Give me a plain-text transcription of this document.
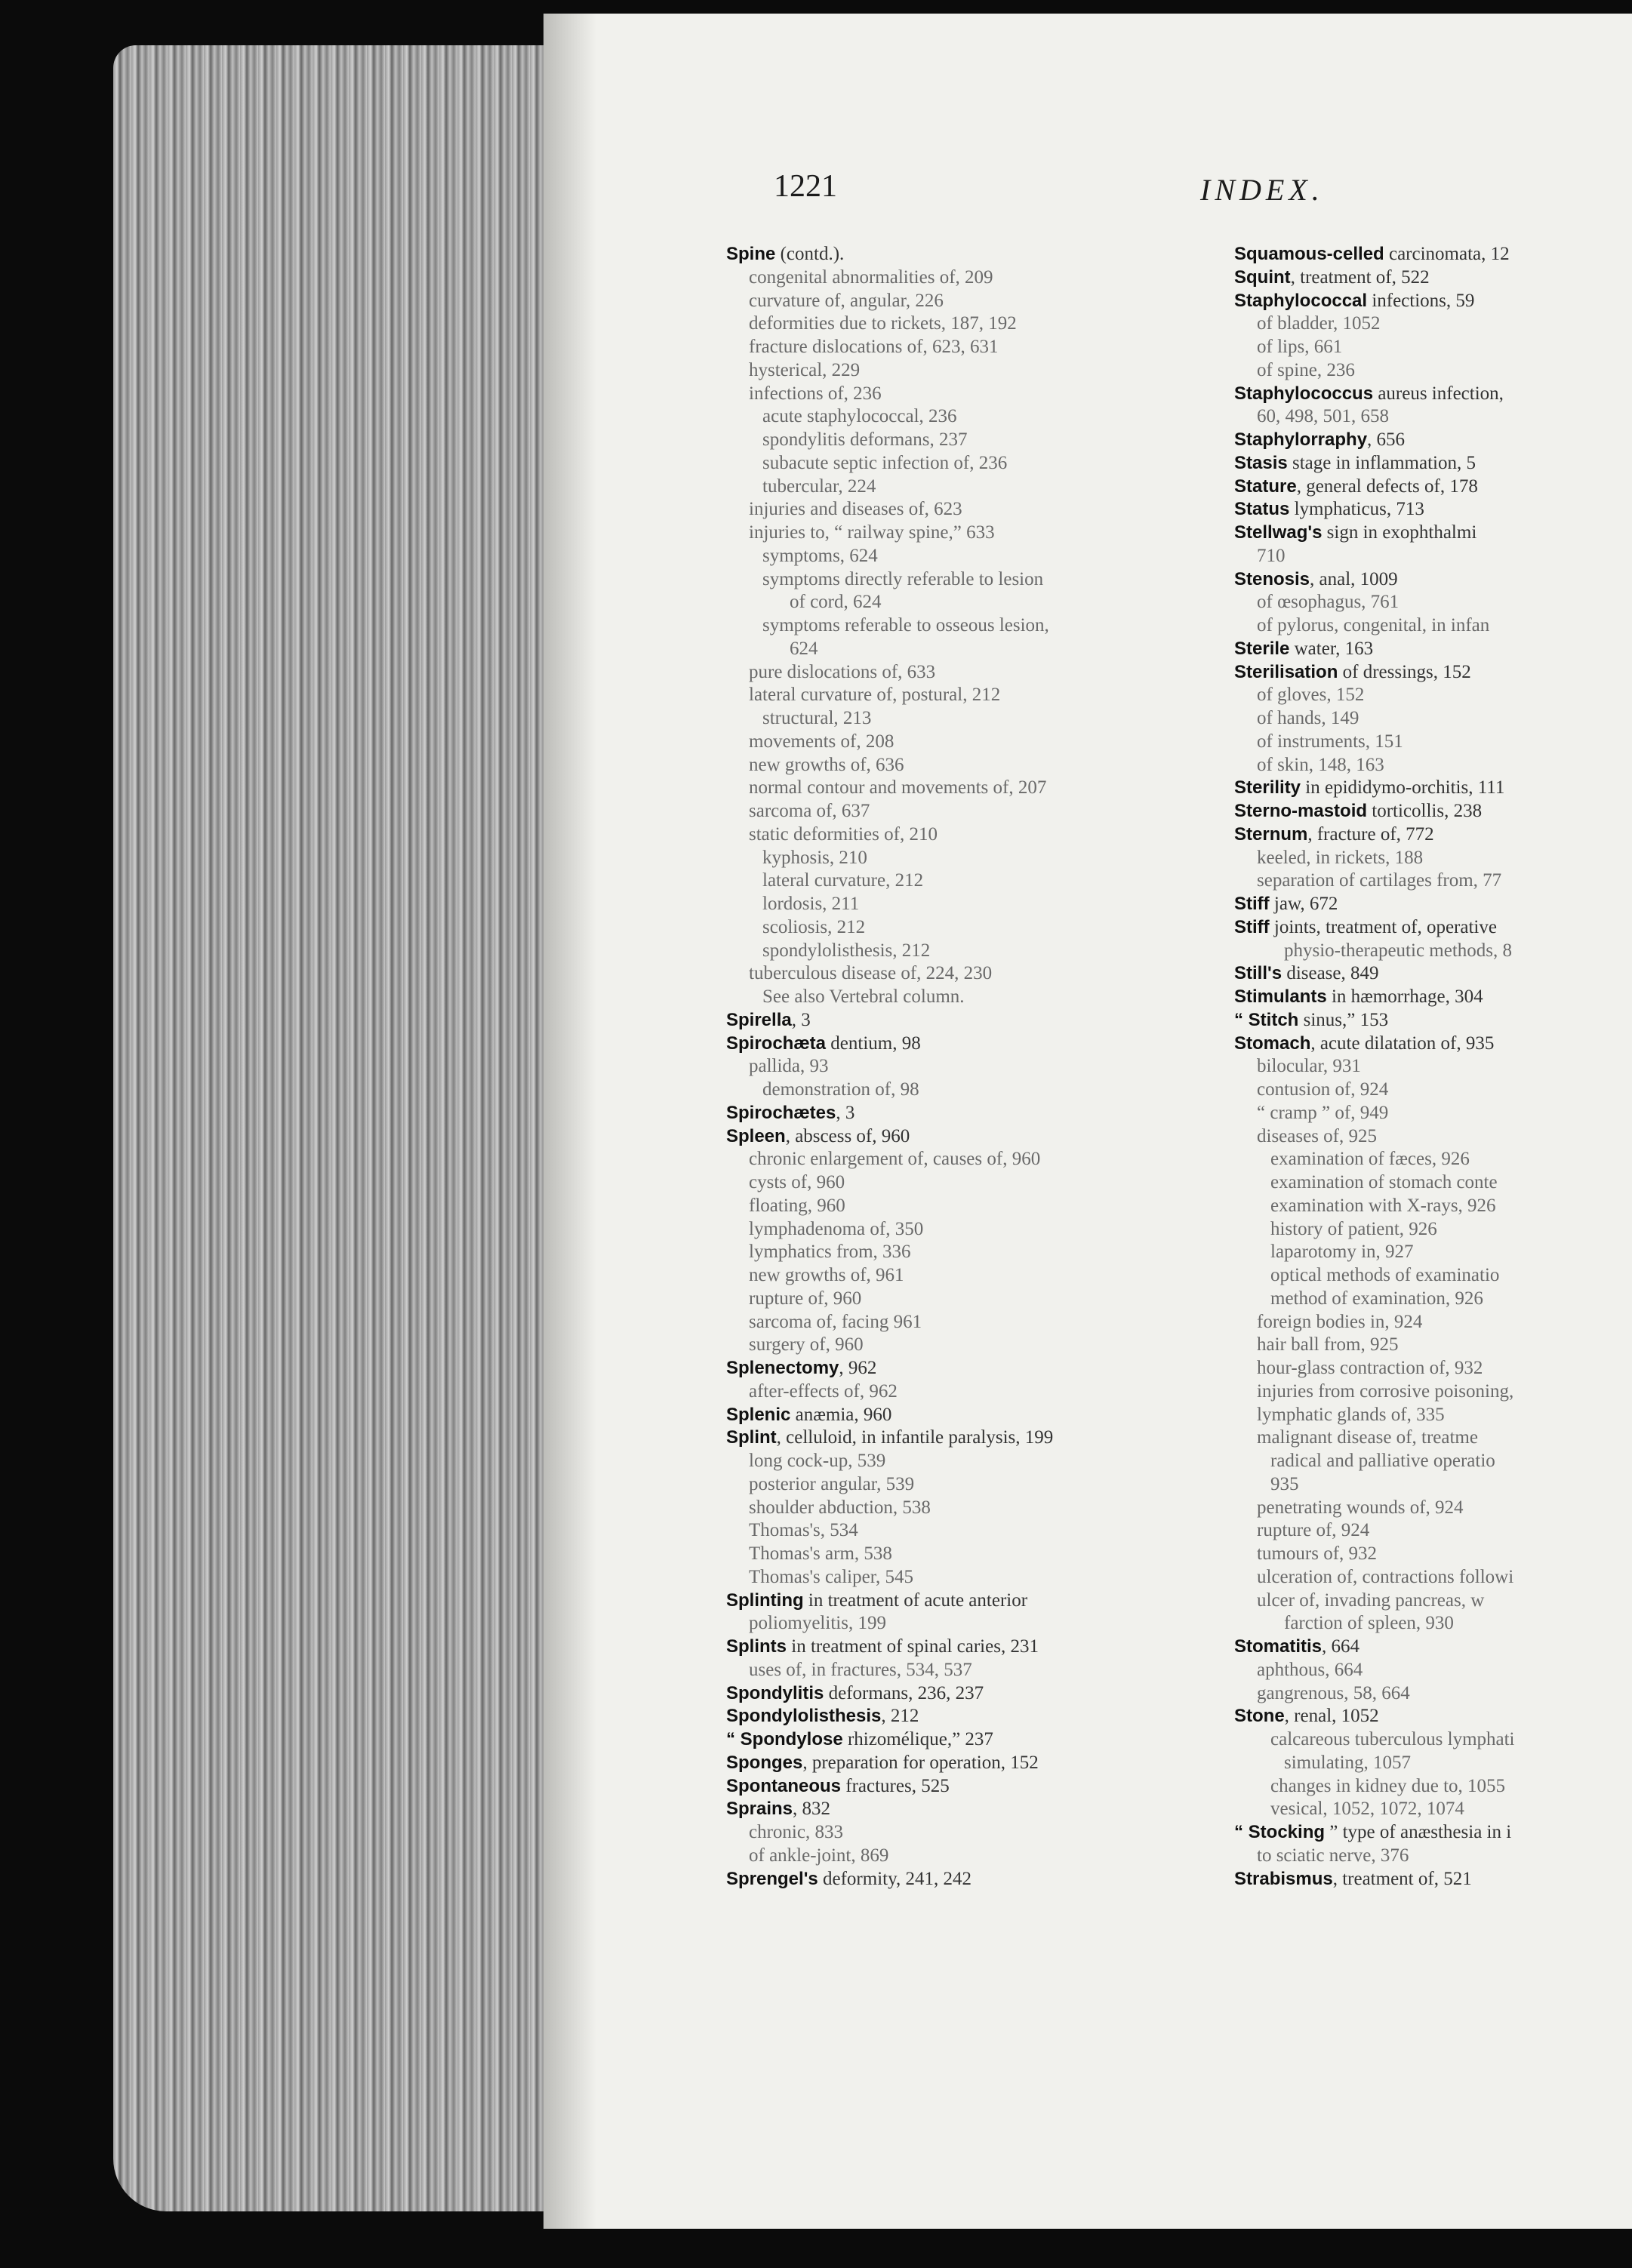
1221	INDEX.
Spine (contd.).
congenital abnormalities of, 209
curvature of, angular, 226
deformities due to rickets, 187, 192
fracture dislocations of, 623, 631
hysterical, 229
infections of, 236
acute staphylococcal, 236
spondylitis deformans, 237
subacute septic infection of, 236
tubercular, 224
injuries and diseases of, 623
injuries to, “ railway spine,” 633
symptoms, 624
symptoms directly referable to lesion
of cord, 624
symptoms referable to osseous lesion,
624
pure dislocations of, 633
lateral curvature of, postural, 212
structural, 213
movements of, 208
new growths of, 636
normal contour and movements of, 207
sarcoma of, 637
static deformities of, 210
kyphosis, 210
lateral curvature, 212
lordosis, 211
scoliosis, 212
spondylolisthesis, 212
tuberculous disease of, 224, 230
See also Vertebral column.
Spirella, 3
Spirochæta dentium, 98
pallida, 93
demonstration of, 98
Spirochætes, 3
Spleen, abscess of, 960
chronic enlargement of, causes of, 960
cysts of, 960
floating, 960
lymphadenoma of, 350
lymphatics from, 336
new growths of, 961
rupture of, 960
sarcoma of, facing 961
surgery of, 960
Splenectomy, 962
after-effects of, 962
Splenic anæmia, 960
Splint, celluloid, in infantile paralysis, 199
long cock-up, 539
posterior angular, 539
shoulder abduction, 538
Thomas's, 534
Thomas's arm, 538
Thomas's caliper, 545
Splinting in treatment of acute anterior
poliomyelitis, 199
Splints in treatment of spinal caries, 231
uses of, in fractures, 534, 537
Spondylitis deformans, 236, 237
Spondylolisthesis, 212
“ Spondylose rhizomélique,” 237
Sponges, preparation for operation, 152
Spontaneous fractures, 525
Sprains, 832
chronic, 833
of ankle-joint, 869
Sprengel's deformity, 241, 242
Squamous-celled carcinomata, 12
Squint, treatment of, 522
Staphylococcal infections, 59
of bladder, 1052
of lips, 661
of spine, 236
Staphylococcus aureus infection,
60, 498, 501, 658
Staphylorraphy, 656
Stasis stage in inflammation, 5
Stature, general defects of, 178
Status lymphaticus, 713
Stellwag's sign in exophthalmi
710
Stenosis, anal, 1009
of œsophagus, 761
of pylorus, congenital, in infan
Sterile water, 163
Sterilisation of dressings, 152
of gloves, 152
of hands, 149
of instruments, 151
of skin, 148, 163
Sterility in epididymo-orchitis, 111
Sterno-mastoid torticollis, 238
Sternum, fracture of, 772
keeled, in rickets, 188
separation of cartilages from, 77
Stiff jaw, 672
Stiff joints, treatment of, operative
physio-therapeutic methods, 8
Still's disease, 849
Stimulants in hæmorrhage, 304
“ Stitch sinus,” 153
Stomach, acute dilatation of, 935
bilocular, 931
contusion of, 924
“ cramp ” of, 949
diseases of, 925
examination of fæces, 926
examination of stomach conte
examination with X-rays, 926
history of patient, 926
laparotomy in, 927
optical methods of examinatio
method of examination, 926
foreign bodies in, 924
hair ball from, 925
hour-glass contraction of, 932
injuries from corrosive poisoning,
lymphatic glands of, 335
malignant disease of, treatme
radical and palliative operatio
935
penetrating wounds of, 924
rupture of, 924
tumours of, 932
ulceration of, contractions followi
ulcer of, invading pancreas, w
farction of spleen, 930
Stomatitis, 664
aphthous, 664
gangrenous, 58, 664
Stone, renal, 1052
calcareous tuberculous lymphati
simulating, 1057
changes in kidney due to, 1055
vesical, 1052, 1072, 1074
“ Stocking ” type of anæsthesia in i
to sciatic nerve, 376
Strabismus, treatment of, 521
